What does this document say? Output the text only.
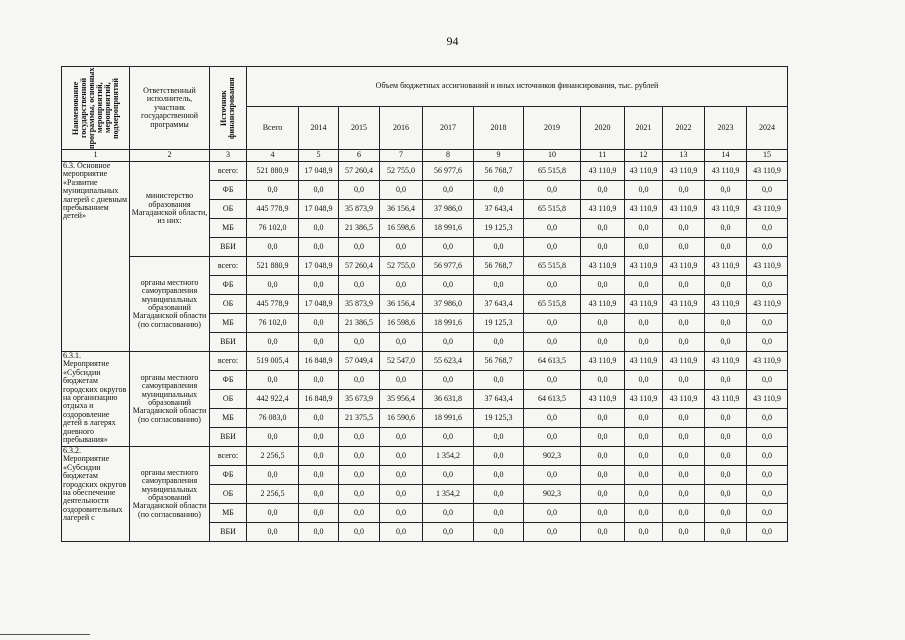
94
Наименование государственной программы, основных мероприятий, мероприятий, подмероприятий	Ответственный исполнитель, участник государственной программы	Источник финансирования	Объем бюджетных ассигнований и иных источников финансирования, тыс. рублей											
			Всего	2014	2015	2016	2017	2018	2019	2020	2021	2022	2023	2024
1	2	3	4	5	6	7	8	9	10	11	12	13	14	15
6.3. Основное мероприятие «Развитие муниципальных лагерей с дневным пребыванием детей»	министерство образования Магаданской области, из них:	всего:	521 880,9	17 048,9	57 260,4	52 755,0	56 977,6	56 768,7	65 515,8	43 110,9	43 110,9	43 110,9	43 110,9	43 110,9
		ФБ	0,0	0,0	0,0	0,0	0,0	0,0	0,0	0,0	0,0	0,0	0,0	0,0
		ОБ	445 778,9	17 048,9	35 873,9	36 156,4	37 986,0	37 643,4	65 515,8	43 110,9	43 110,9	43 110,9	43 110,9	43 110,9
		МБ	76 102,0	0,0	21 386,5	16 598,6	18 991,6	19 125,3	0,0	0,0	0,0	0,0	0,0	0,0
		ВБИ	0,0	0,0	0,0	0,0	0,0	0,0	0,0	0,0	0,0	0,0	0,0	0,0
	органы местного самоуправления муниципальных образований Магаданской области (по согласованию)	всего:	521 880,9	17 048,9	57 260,4	52 755,0	56 977,6	56 768,7	65 515,8	43 110,9	43 110,9	43 110,9	43 110,9	43 110,9
		ФБ	0,0	0,0	0,0	0,0	0,0	0,0	0,0	0,0	0,0	0,0	0,0	0,0
		ОБ	445 778,9	17 048,9	35 873,9	36 156,4	37 986,0	37 643,4	65 515,8	43 110,9	43 110,9	43 110,9	43 110,9	43 110,9
		МБ	76 102,0	0,0	21 386,5	16 598,6	18 991,6	19 125,3	0,0	0,0	0,0	0,0	0,0	0,0
		ВБИ	0,0	0,0	0,0	0,0	0,0	0,0	0,0	0,0	0,0	0,0	0,0	0,0
6.3.1. Мероприятие «Субсидии бюджетам городских округов на организацию отдыха и оздоровление детей в лагерях дневного пребывания»	органы местного самоуправления муниципальных образований Магаданской области (по согласованию)	всего:	519 005,4	16 848,9	57 049,4	52 547,0	55 623,4	56 768,7	64 613,5	43 110,9	43 110,9	43 110,9	43 110,9	43 110,9
		ФБ	0,0	0,0	0,0	0,0	0,0	0,0	0,0	0,0	0,0	0,0	0,0	0,0
		ОБ	442 922,4	16 848,9	35 673,9	35 956,4	36 631,8	37 643,4	64 613,5	43 110,9	43 110,9	43 110,9	43 110,9	43 110,9
		МБ	76 083,0	0,0	21 375,5	16 590,6	18 991,6	19 125,3	0,0	0,0	0,0	0,0	0,0	0,0
		ВБИ	0,0	0,0	0,0	0,0	0,0	0,0	0,0	0,0	0,0	0,0	0,0	0,0
6.3.2. Мероприятие «Субсидии бюджетам городских округов на обеспечение деятельности оздоровительных лагерей с	органы местного самоуправления муниципальных образований Магаданской области (по согласованию)	всего:	2 256,5	0,0	0,0	0,0	1 354,2	0,0	902,3	0,0	0,0	0,0	0,0	0,0
		ФБ	0,0	0,0	0,0	0,0	0,0	0,0	0,0	0,0	0,0	0,0	0,0	0,0
		ОБ	2 256,5	0,0	0,0	0,0	1 354,2	0,0	902,3	0,0	0,0	0,0	0,0	0,0
		МБ	0,0	0,0	0,0	0,0	0,0	0,0	0,0	0,0	0,0	0,0	0,0	0,0
		ВБИ	0,0	0,0	0,0	0,0	0,0	0,0	0,0	0,0	0,0	0,0	0,0	0,0
